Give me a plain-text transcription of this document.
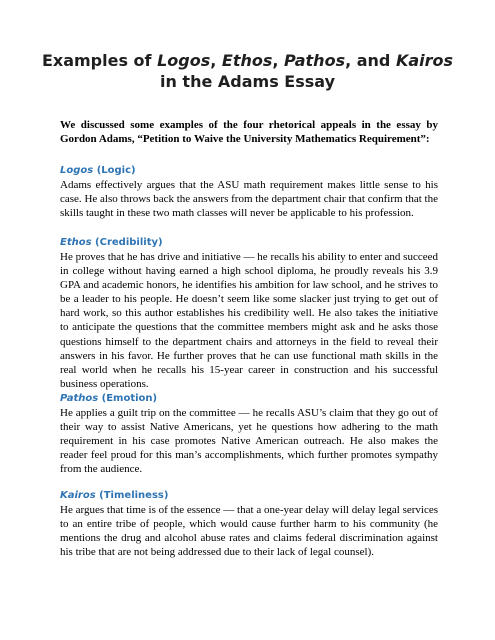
Examples of Logos, Ethos, Pathos, and Kairos
in the Adams Essay
We discussed some examples of the four rhetorical appeals in the essay by Gordon Adams, “Petition to Waive the University Mathematics Requirement”:
Logos (Logic)
Adams effectively argues that the ASU math requirement makes little sense to his case. He also throws back the answers from the department chair that confirm that the skills taught in these two math classes will never be applicable to his profession.
Ethos (Credibility)
He proves that he has drive and initiative — he recalls his ability to enter and succeed in college without having earned a high school diploma, he proudly reveals his 3.9 GPA and academic honors, he identifies his ambition for law school, and he strives to be a leader to his people. He doesn’t seem like some slacker just trying to get out of hard work, so this author establishes his credibility well. He also takes the initiative to anticipate the questions that the committee members might ask and he asks those questions himself to the department chairs and attorneys in the field to reveal their answers in his favor. He further proves that he can use functional math skills in the real world when he recalls his 15-year career in construction and his successful business operations.
Pathos (Emotion)
He applies a guilt trip on the committee — he recalls ASU’s claim that they go out of their way to assist Native Americans, yet he questions how adhering to the math requirement in his case promotes Native American outreach. He also makes the reader feel proud for this man’s accomplishments, which further promotes sympathy from the audience.
Kairos (Timeliness)
He argues that time is of the essence — that a one-year delay will delay legal services to an entire tribe of people, which would cause further harm to his community (he mentions the drug and alcohol abuse rates and claims federal discrimination against his tribe that are not being addressed due to their lack of legal counsel).
